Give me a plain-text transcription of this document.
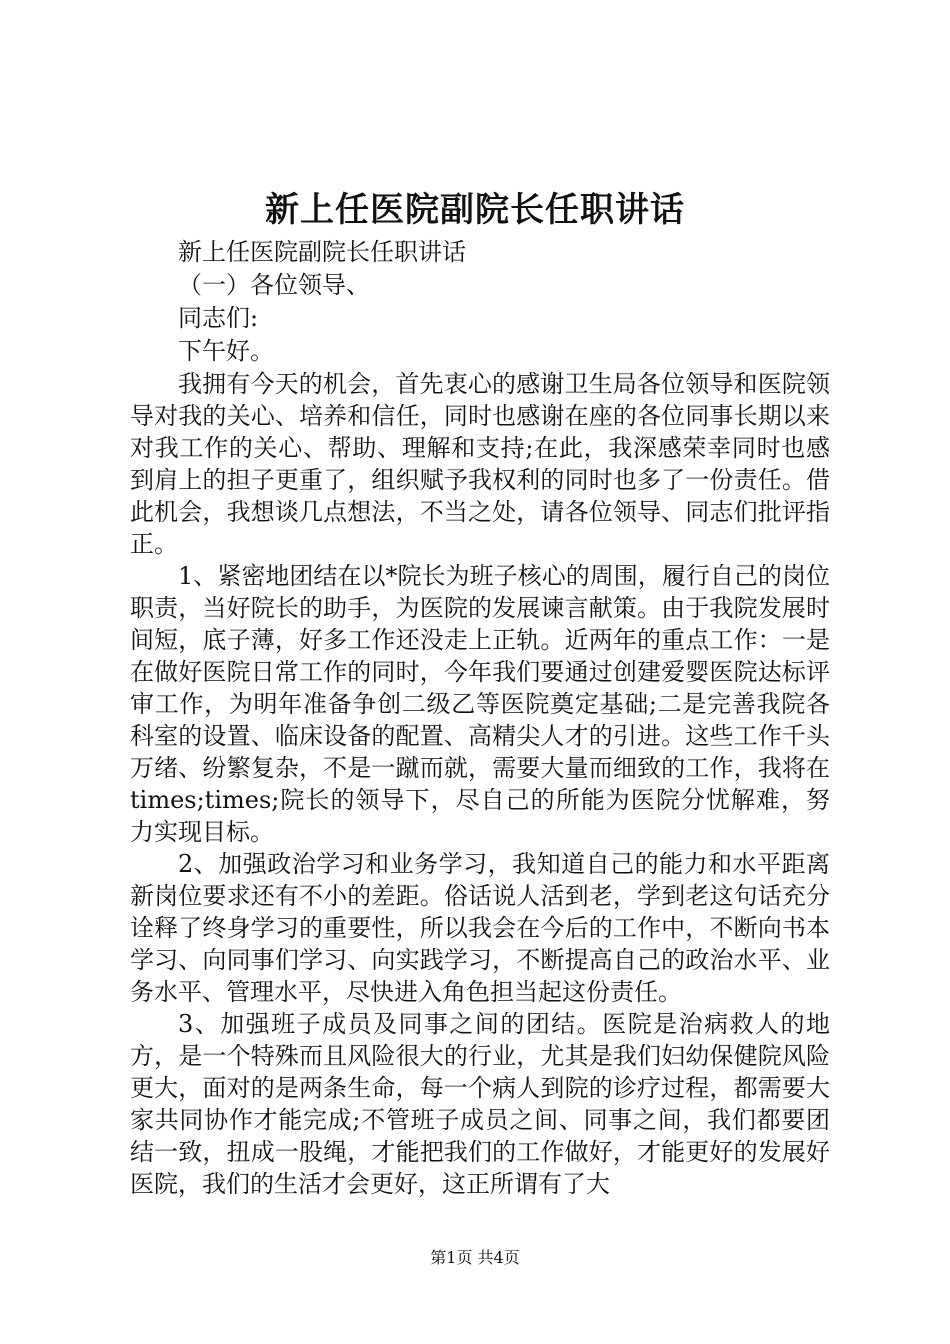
新上任医院副院长任职讲话

新上任医院副院长任职讲话

（一）各位领导、

同志们:

下午好。

我拥有今天的机会，首先衷心的感谢卫生局各位领导和医院领导对我的关心、培养和信任，同时也感谢在座的各位同事长期以来对我工作的关心、帮助、理解和支持;在此，我深感荣幸同时也感到肩上的担子更重了，组织赋予我权利的同时也多了一份责任。借此机会，我想谈几点想法，不当之处，请各位领导、同志们批评指正。

1、紧密地团结在以*院长为班子核心的周围，履行自己的岗位职责，当好院长的助手，为医院的发展谏言献策。由于我院发展时间短，底子薄，好多工作还没走上正轨。近两年的重点工作：一是在做好医院日常工作的同时，今年我们要通过创建爱婴医院达标评审工作，为明年准备争创二级乙等医院奠定基础;二是完善我院各科室的设置、临床设备的配置、高精尖人才的引进。这些工作千头万绪、纷繁复杂，不是一蹴而就，需要大量而细致的工作，我将在times;times;院长的领导下，尽自己的所能为医院分忧解难，努力实现目标。

2、加强政治学习和业务学习，我知道自己的能力和水平距离新岗位要求还有不小的差距。俗话说人活到老，学到老这句话充分诠释了终身学习的重要性，所以我会在今后的工作中，不断向书本学习、向同事们学习、向实践学习，不断提高自己的政治水平、业务水平、管理水平，尽快进入角色担当起这份责任。

3、加强班子成员及同事之间的团结。医院是治病救人的地方，是一个特殊而且风险很大的行业，尤其是我们妇幼保健院风险更大，面对的是两条生命，每一个病人到院的诊疗过程，都需要大家共同协作才能完成;不管班子成员之间、同事之间，我们都要团结一致，扭成一股绳，才能把我们的工作做好，才能更好的发展好医院，我们的生活才会更好，这正所谓有了大

第1页 共4页
